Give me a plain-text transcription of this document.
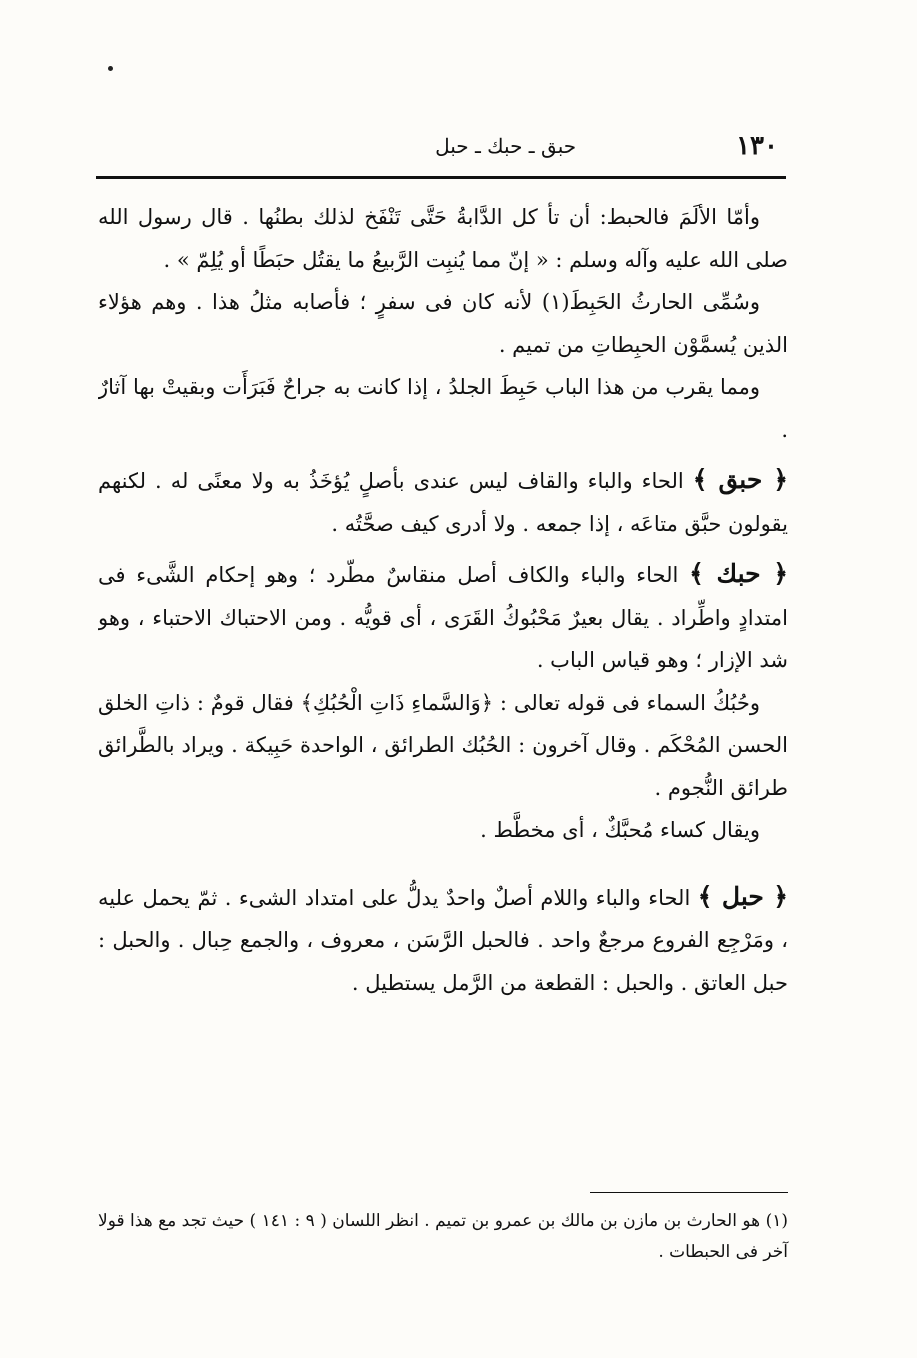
١٣٠
حبق ـ حبك ـ حبل

وأمّا الألَمَ فالحبط: أن تأ كل الدَّابةُ حَتَّى تَنْفَخ لذلك بطنُها . قال رسول الله صلى الله عليه وآله وسلم : « إنّ مما يُنبِت الرَّبيعُ ما يقتُل حبَطًا أو يُلِمّ » .

وسُمِّى الحارثُ الحَبِطَ(١) لأنه كان فى سفرٍ ؛ فأصابه مثلُ هذا . وهم هؤلاء الذين يُسمَّوْن الحبِطاتِ من تميم .

ومما يقرب من هذا الباب حَبِطَ الجلدُ ، إذا كانت به جراحٌ فَبَرَأَت وبقيتْ بها آثارٌ .

﴿ حبق ﴾ الحاء والباء والقاف ليس عندى بأصلٍ يُؤخَذُ به ولا معنًى له . لكنهم يقولون حبَّق متاعَه ، إذا جمعه . ولا أدرى كيف صحَّتُه .

﴿ حبك ﴾ الحاء والباء والكاف أصل منقاسٌ مطّرد ؛ وهو إحكام الشَّىء فى امتدادٍ واطِّراد . يقال بعيرٌ مَحْبُوكُ القَرَى ، أى قويُّه . ومن الاحتباك الاحتباء ، وهو شد الإزار ؛ وهو قياس الباب .

وحُبُكُ السماء فى قوله تعالى : ﴿وَالسَّماءِ ذَاتِ الْحُبُكِ﴾ فقال قومٌ : ذاتِ الخلق الحسن المُحْكَم . وقال آخرون : الحُبُك الطرائق ، الواحدة حَبِيكة . ويراد بالطَّرائق طرائق النُّجوم .

ويقال كساء مُحبَّكٌ ، أى مخطَّط .

﴿ حبل ﴾ الحاء والباء واللام أصلٌ واحدٌ يدلُّ على امتداد الشىء . ثمّ يحمل عليه ، ومَرْجِع الفروع مرجعٌ واحد . فالحبل الرَّسَن ، معروف ، والجمع حِبال . والحبل : حبل العاتق . والحبل : القطعة من الرَّمل يستطيل .

(١) هو الحارث بن مازن بن مالك بن عمرو بن تميم . انظر اللسان ( ٩ : ١٤١ ) حيث تجد مع هذا قولا آخر فى الحبطات .
